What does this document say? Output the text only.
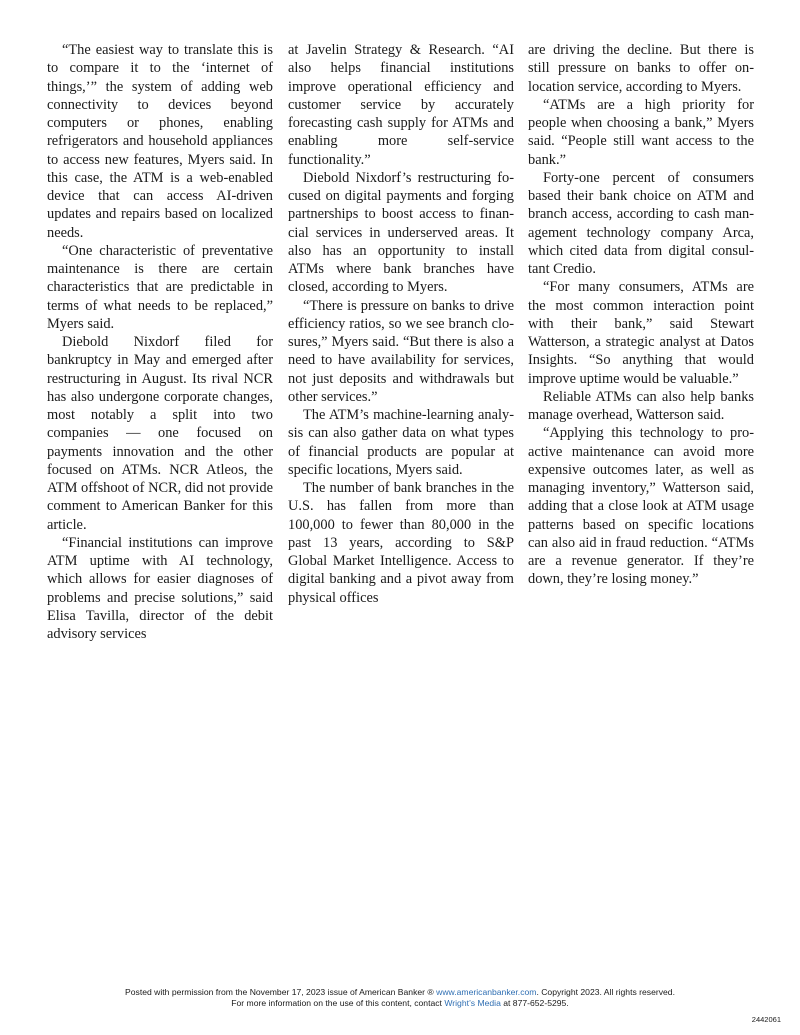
“The easiest way to translate this is to compare it to the ‘internet of things,’” the system of adding web connectivity to devices beyond computers or phones, enabling refrigerators and household appliances to access new features, Myers said. In this case, the ATM is a web-enabled device that can access AI-driven updates and repairs based on localized needs.

“One characteristic of preventative maintenance is there are certain characteristics that are predictable in terms of what needs to be replaced,” Myers said.

Diebold Nixdorf filed for bankruptcy in May and emerged after restructuring in August. Its rival NCR has also undergone corporate changes, most notably a split into two companies — one focused on payments innovation and the other focused on ATMs. NCR Atleos, the ATM offshoot of NCR, did not provide comment to American Banker for this article.

“Financial institutions can improve ATM uptime with AI technology, which allows for easier diagnoses of problems and precise solutions,” said Elisa Tavilla, director of the debit advisory services

at Javelin Strategy & Research. “AI also helps financial institutions improve operational efficiency and customer service by accurately forecasting cash supply for ATMs and enabling more self-service functionality.”

Diebold Nixdorf’s restructuring focused on digital payments and forging partnerships to boost access to financial services in underserved areas. It also has an opportunity to install ATMs where bank branches have closed, according to Myers.

“There is pressure on banks to drive efficiency ratios, so we see branch closures,” Myers said. “But there is also a need to have availability for services, not just deposits and withdrawals but other services.”

The ATM’s machine-learning analysis can also gather data on what types of financial products are popular at specific locations, Myers said.

The number of bank branches in the U.S. has fallen from more than 100,000 to fewer than 80,000 in the past 13 years, according to S&P Global Market Intelligence. Access to digital banking and a pivot away from physical offices

are driving the decline. But there is still pressure on banks to offer on-location service, according to Myers.

“ATMs are a high priority for people when choosing a bank,” Myers said. “People still want access to the bank.”

Forty-one percent of consumers based their bank choice on ATM and branch access, according to cash management technology company Arca, which cited data from digital consultant Credio.

“For many consumers, ATMs are the most common interaction point with their bank,” said Stewart Watterson, a strategic analyst at Datos Insights. “So anything that would improve uptime would be valuable.”

Reliable ATMs can also help banks manage overhead, Watterson said.

“Applying this technology to proactive maintenance can avoid more expensive outcomes later, as well as managing inventory,” Watterson said, adding that a close look at ATM usage patterns based on specific locations can also aid in fraud reduction. “ATMs are a revenue generator. If they’re down, they’re losing money.”

Posted with permission from the November 17, 2023 issue of American Banker ® www.americanbanker.com. Copyright 2023. All rights reserved.
For more information on the use of this content, contact Wright’s Media at 877-652-5295.
2442061
